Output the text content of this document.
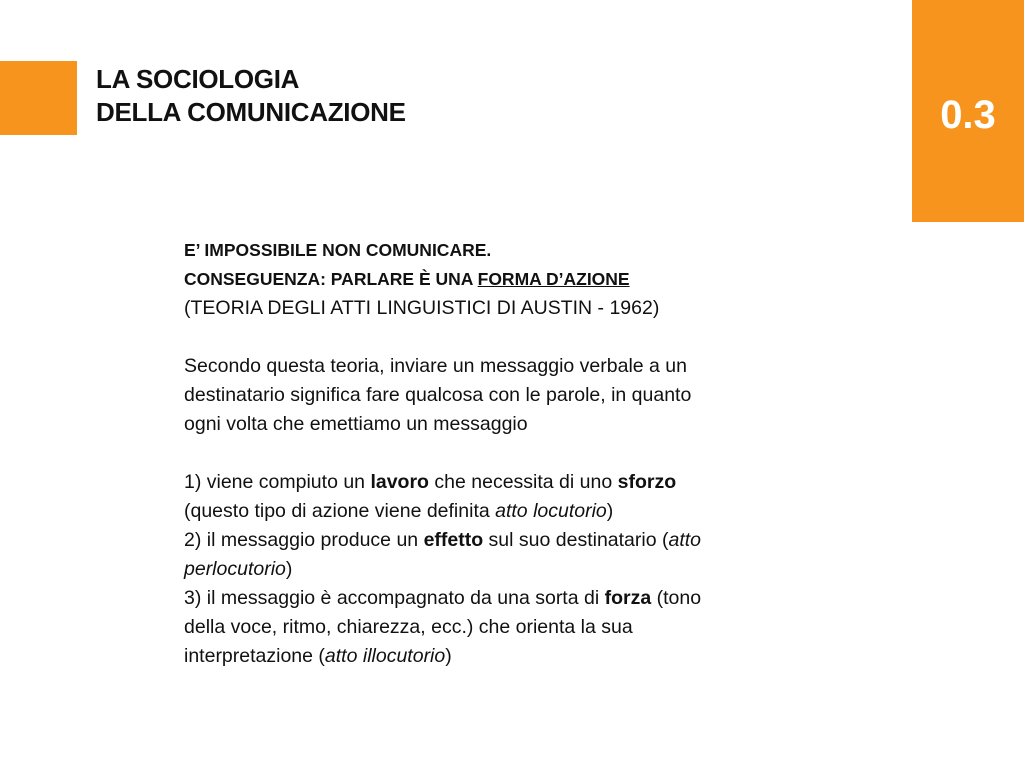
LA SOCIOLOGIA
DELLA COMUNICAZIONE	0.3
E’ IMPOSSIBILE NON COMUNICARE.
CONSEGUENZA: PARLARE È UNA FORMA D’AZIONE
(TEORIA DEGLI ATTI LINGUISTICI DI AUSTIN - 1962)
Secondo questa teoria, inviare un messaggio verbale a un
destinatario significa fare qualcosa con le parole, in quanto
ogni volta che emettiamo un messaggio
1) viene compiuto un lavoro che necessita di uno sforzo
(questo tipo di azione viene definita atto locutorio)
2) il messaggio produce un effetto sul suo destinatario (atto
perlocutorio)
3) il messaggio è accompagnato da una sorta di forza (tono
della voce, ritmo, chiarezza, ecc.) che orienta la sua
interpretazione (atto illocutorio)
